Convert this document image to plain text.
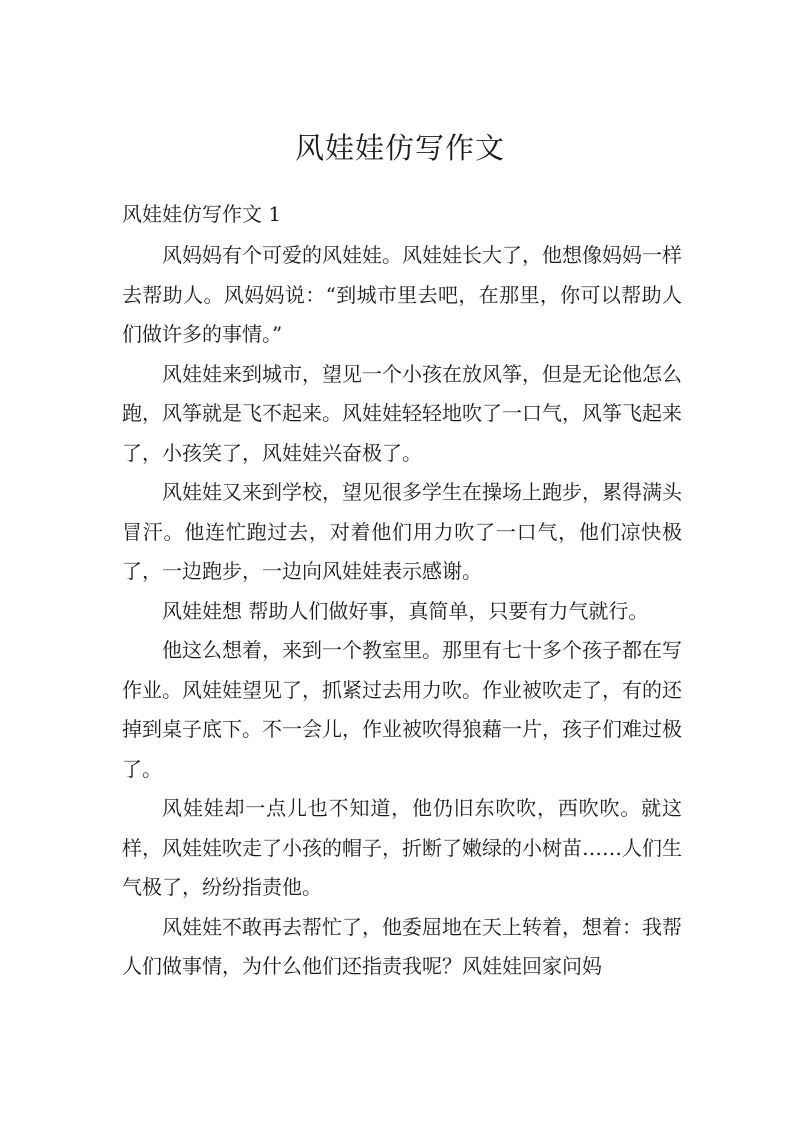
风娃娃仿写作文
风娃娃仿写作文 1

风妈妈有个可爱的风娃娃。风娃娃长大了，他想像妈妈一样去帮助人。风妈妈说：“到城市里去吧，在那里，你可以帮助人们做许多的事情。”

风娃娃来到城市，望见一个小孩在放风筝，但是无论他怎么跑，风筝就是飞不起来。风娃娃轻轻地吹了一口气，风筝飞起来了，小孩笑了，风娃娃兴奋极了。

风娃娃又来到学校，望见很多学生在操场上跑步，累得满头冒汗。他连忙跑过去，对着他们用力吹了一口气，他们凉快极了，一边跑步，一边向风娃娃表示感谢。

风娃娃想 帮助人们做好事，真简单，只要有力气就行。

他这么想着，来到一个教室里。那里有七十多个孩子都在写作业。风娃娃望见了，抓紧过去用力吹。作业被吹走了，有的还掉到桌子底下。不一会儿，作业被吹得狼藉一片，孩子们难过极了。

风娃娃却一点儿也不知道，他仍旧东吹吹，西吹吹。就这样，风娃娃吹走了小孩的帽子，折断了嫩绿的小树苗……人们生气极了，纷纷指责他。

风娃娃不敢再去帮忙了，他委屈地在天上转着，想着：我帮人们做事情，为什么他们还指责我呢？风娃娃回家问妈
